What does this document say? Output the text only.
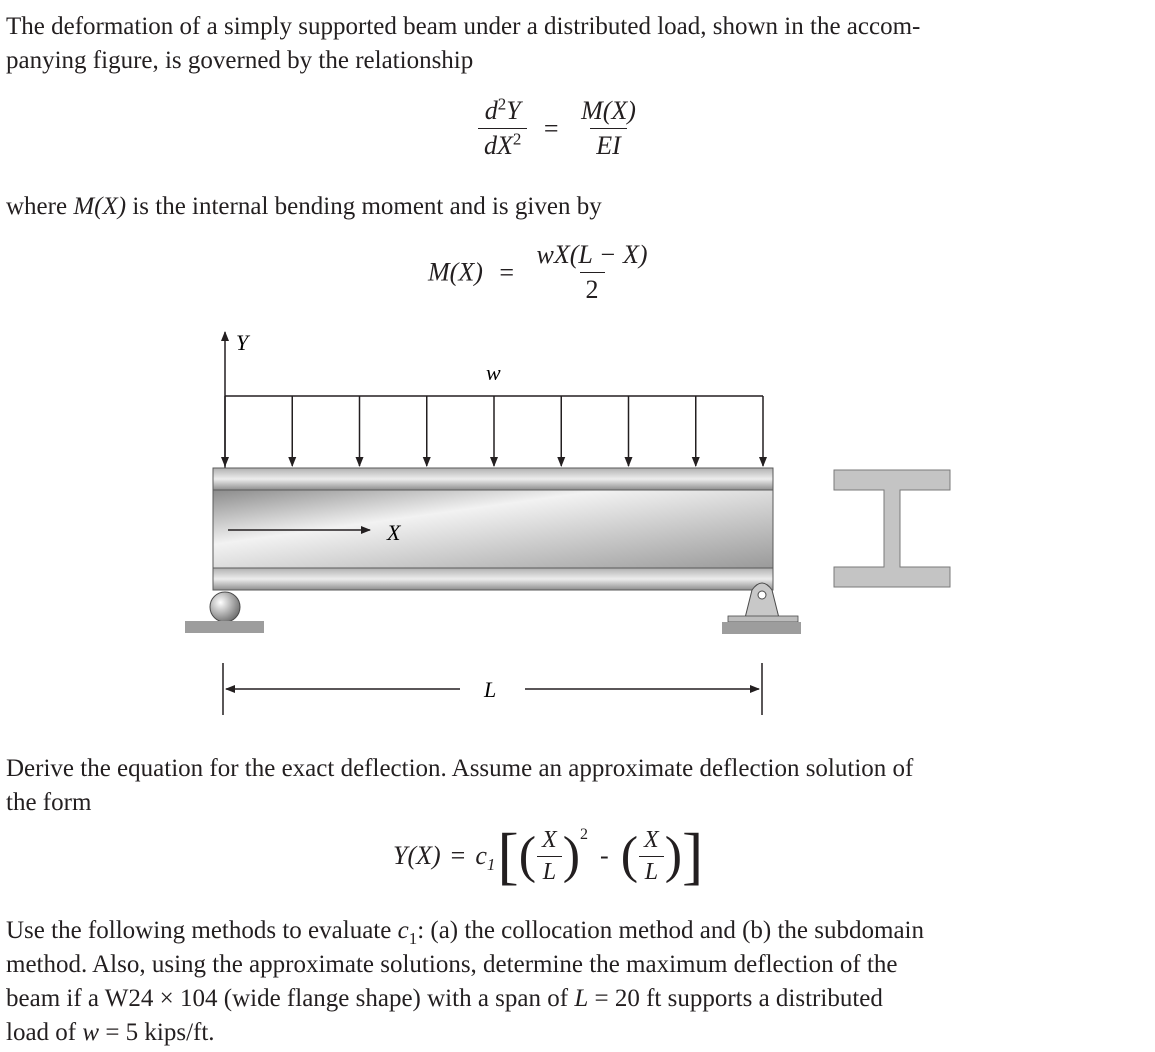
The deformation of a simply supported beam under a distributed load, shown in the accom-
panying figure, is governed by the relationship

$\frac{d^2Y}{dX^2} = \frac{M(X)}{EI}$

where M(X) is the internal bending moment and is given by

$M(X) = \frac{wX(L - X)}{2}$
Y
w
X
L

Derive the equation for the exact deflection. Assume an approximate deflection solution of
the form

$Y(X) = c_1$ [ ( $\frac{X}{L}$ ) 2
- ( $\frac{X}{L}$ ) ]

Use the following methods to evaluate $c_1$: (a) the collocation method and (b) the subdomain
method. Also, using the approximate solutions, determine the maximum deflection of the
beam if a W24 × 104 (wide flange shape) with a span of L = 20 ft supports a distributed
load of w = 5 kips/ft.
